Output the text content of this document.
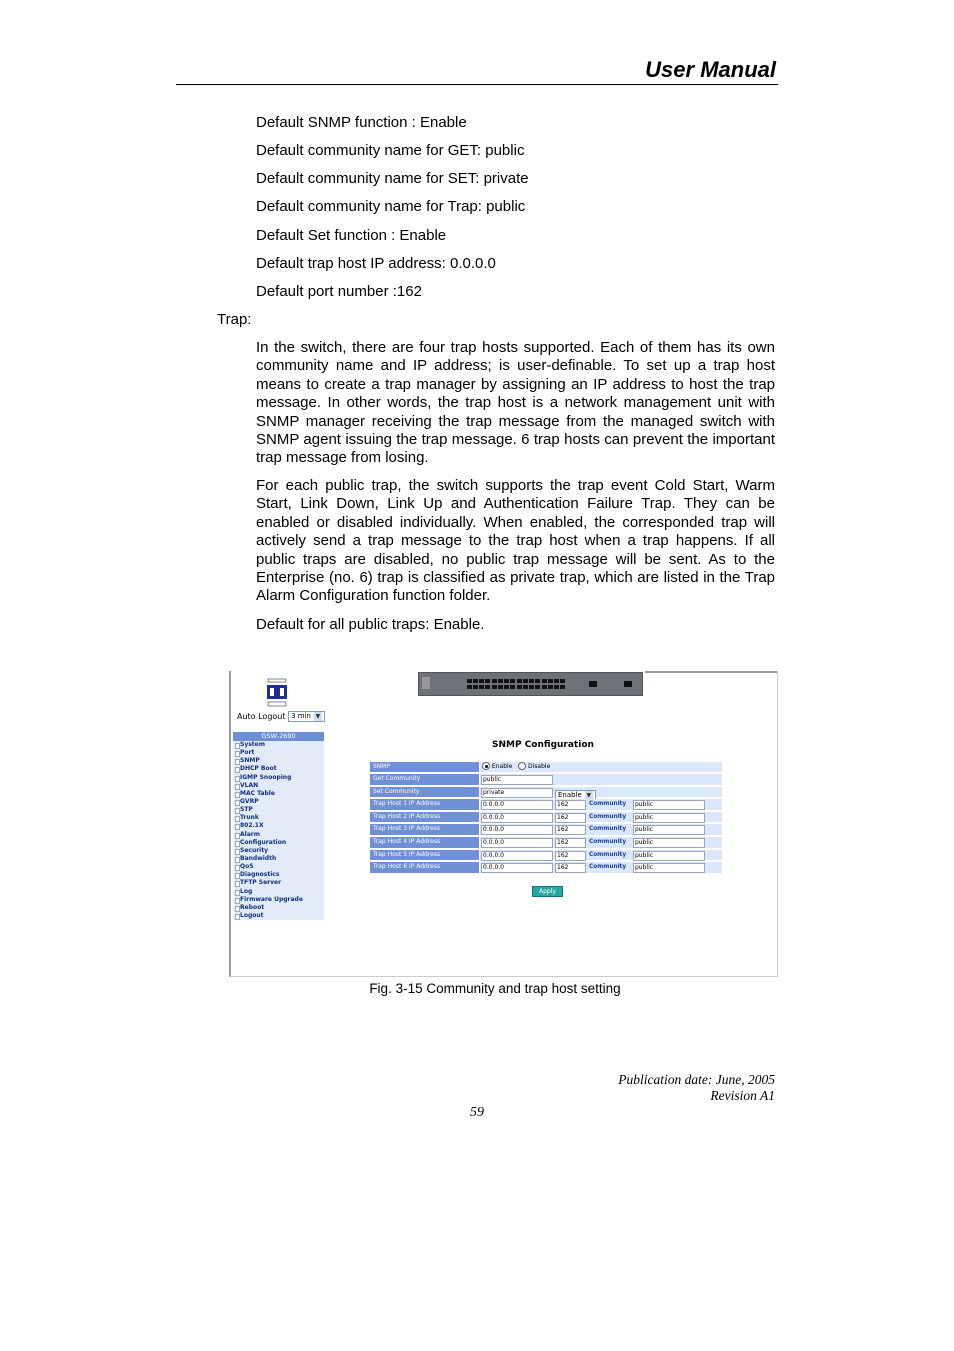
User Manual
Default SNMP function : Enable
Default community name for GET: public
Default community name for SET: private
Default community name for Trap: public
Default Set function : Enable
Default trap host IP address: 0.0.0.0
Default port number :162
Trap:
In the switch, there are four trap hosts supported. Each of them has its own community name and IP address; is user-definable. To set up a trap host means to create a trap manager by assigning an IP address to host the trap message. In other words, the trap host is a network management unit with SNMP manager receiving the trap message from the managed switch with SNMP agent issuing the trap message. 6 trap hosts can prevent the important trap message from losing.
For each public trap, the switch supports the trap event Cold Start, Warm Start, Link Down, Link Up and Authentication Failure Trap. They can be enabled or disabled individually. When enabled, the corresponded trap will actively send a trap message to the trap host when a trap happens. If all public traps are disabled, no public trap message will be sent. As to the Enterprise (no. 6) trap is classified as private trap, which are listed in the Trap Alarm Configuration function folder.
Default for all public traps: Enable.
Auto Logout 3 min ▼
GSW-2690
System
Port
SNMP
DHCP Boot
IGMP Snooping
VLAN
MAC Table
GVRP
STP
Trunk
802.1X
Alarm
Configuration
Security
Bandwidth
QoS
Diagnostics
TFTP Server
Log
Firmware Upgrade
Reboot
Logout
SNMP Configuration
SNMP	Enable	Disable
Get Community	public
Set Community	private	Enable ▼
Trap Host 1 IP Address	0.0.0.0	162	Community	public
Trap Host 2 IP Address	0.0.0.0	162	Community	public
Trap Host 3 IP Address	0.0.0.0	162	Community	public
Trap Host 4 IP Address	0.0.0.0	162	Community	public
Trap Host 5 IP Address	0.0.0.0	162	Community	public
Trap Host 6 IP Address	0.0.0.0	162	Community	public
Apply
Fig. 3-15 Community and trap host setting
Publication date: June, 2005
Revision A1
59
